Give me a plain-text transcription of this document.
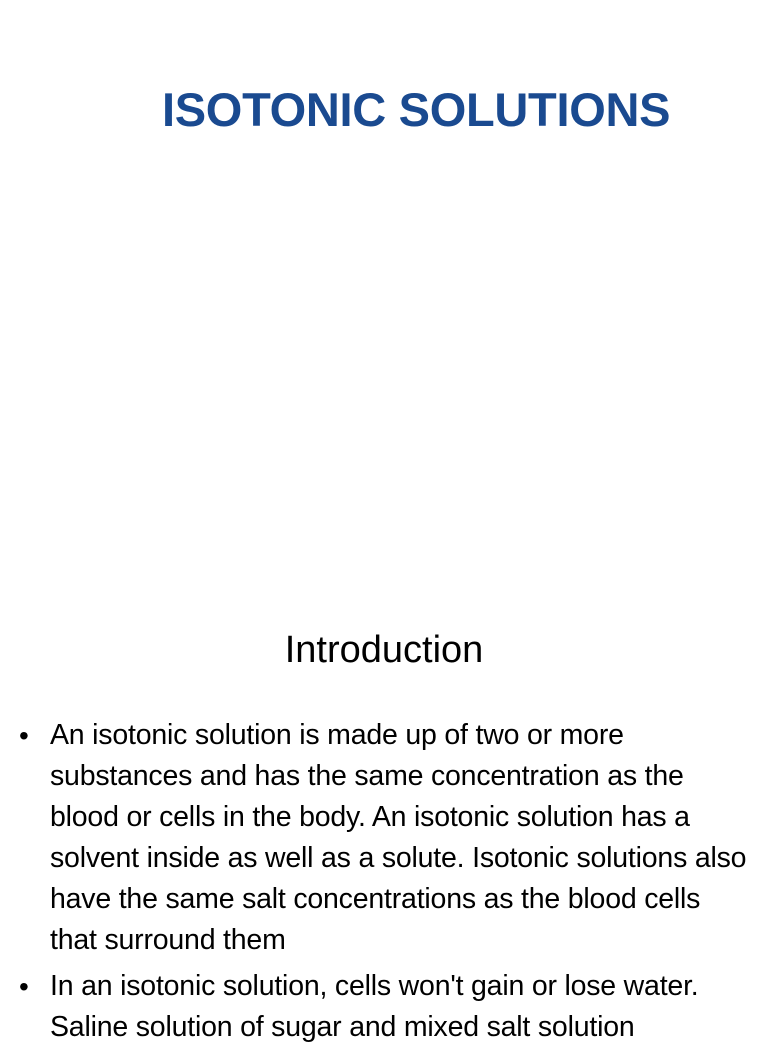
ISOTONIC SOLUTIONS
Introduction
•
An isotonic solution is made up of two or more substances and has the same concentration as the blood or cells in the body. An isotonic solution has a solvent inside as well as a solute. Isotonic solutions also have the same salt concentrations as the blood cells that surround them
•
In an isotonic solution, cells won't gain or lose water. Saline solution of sugar and mixed salt solution
